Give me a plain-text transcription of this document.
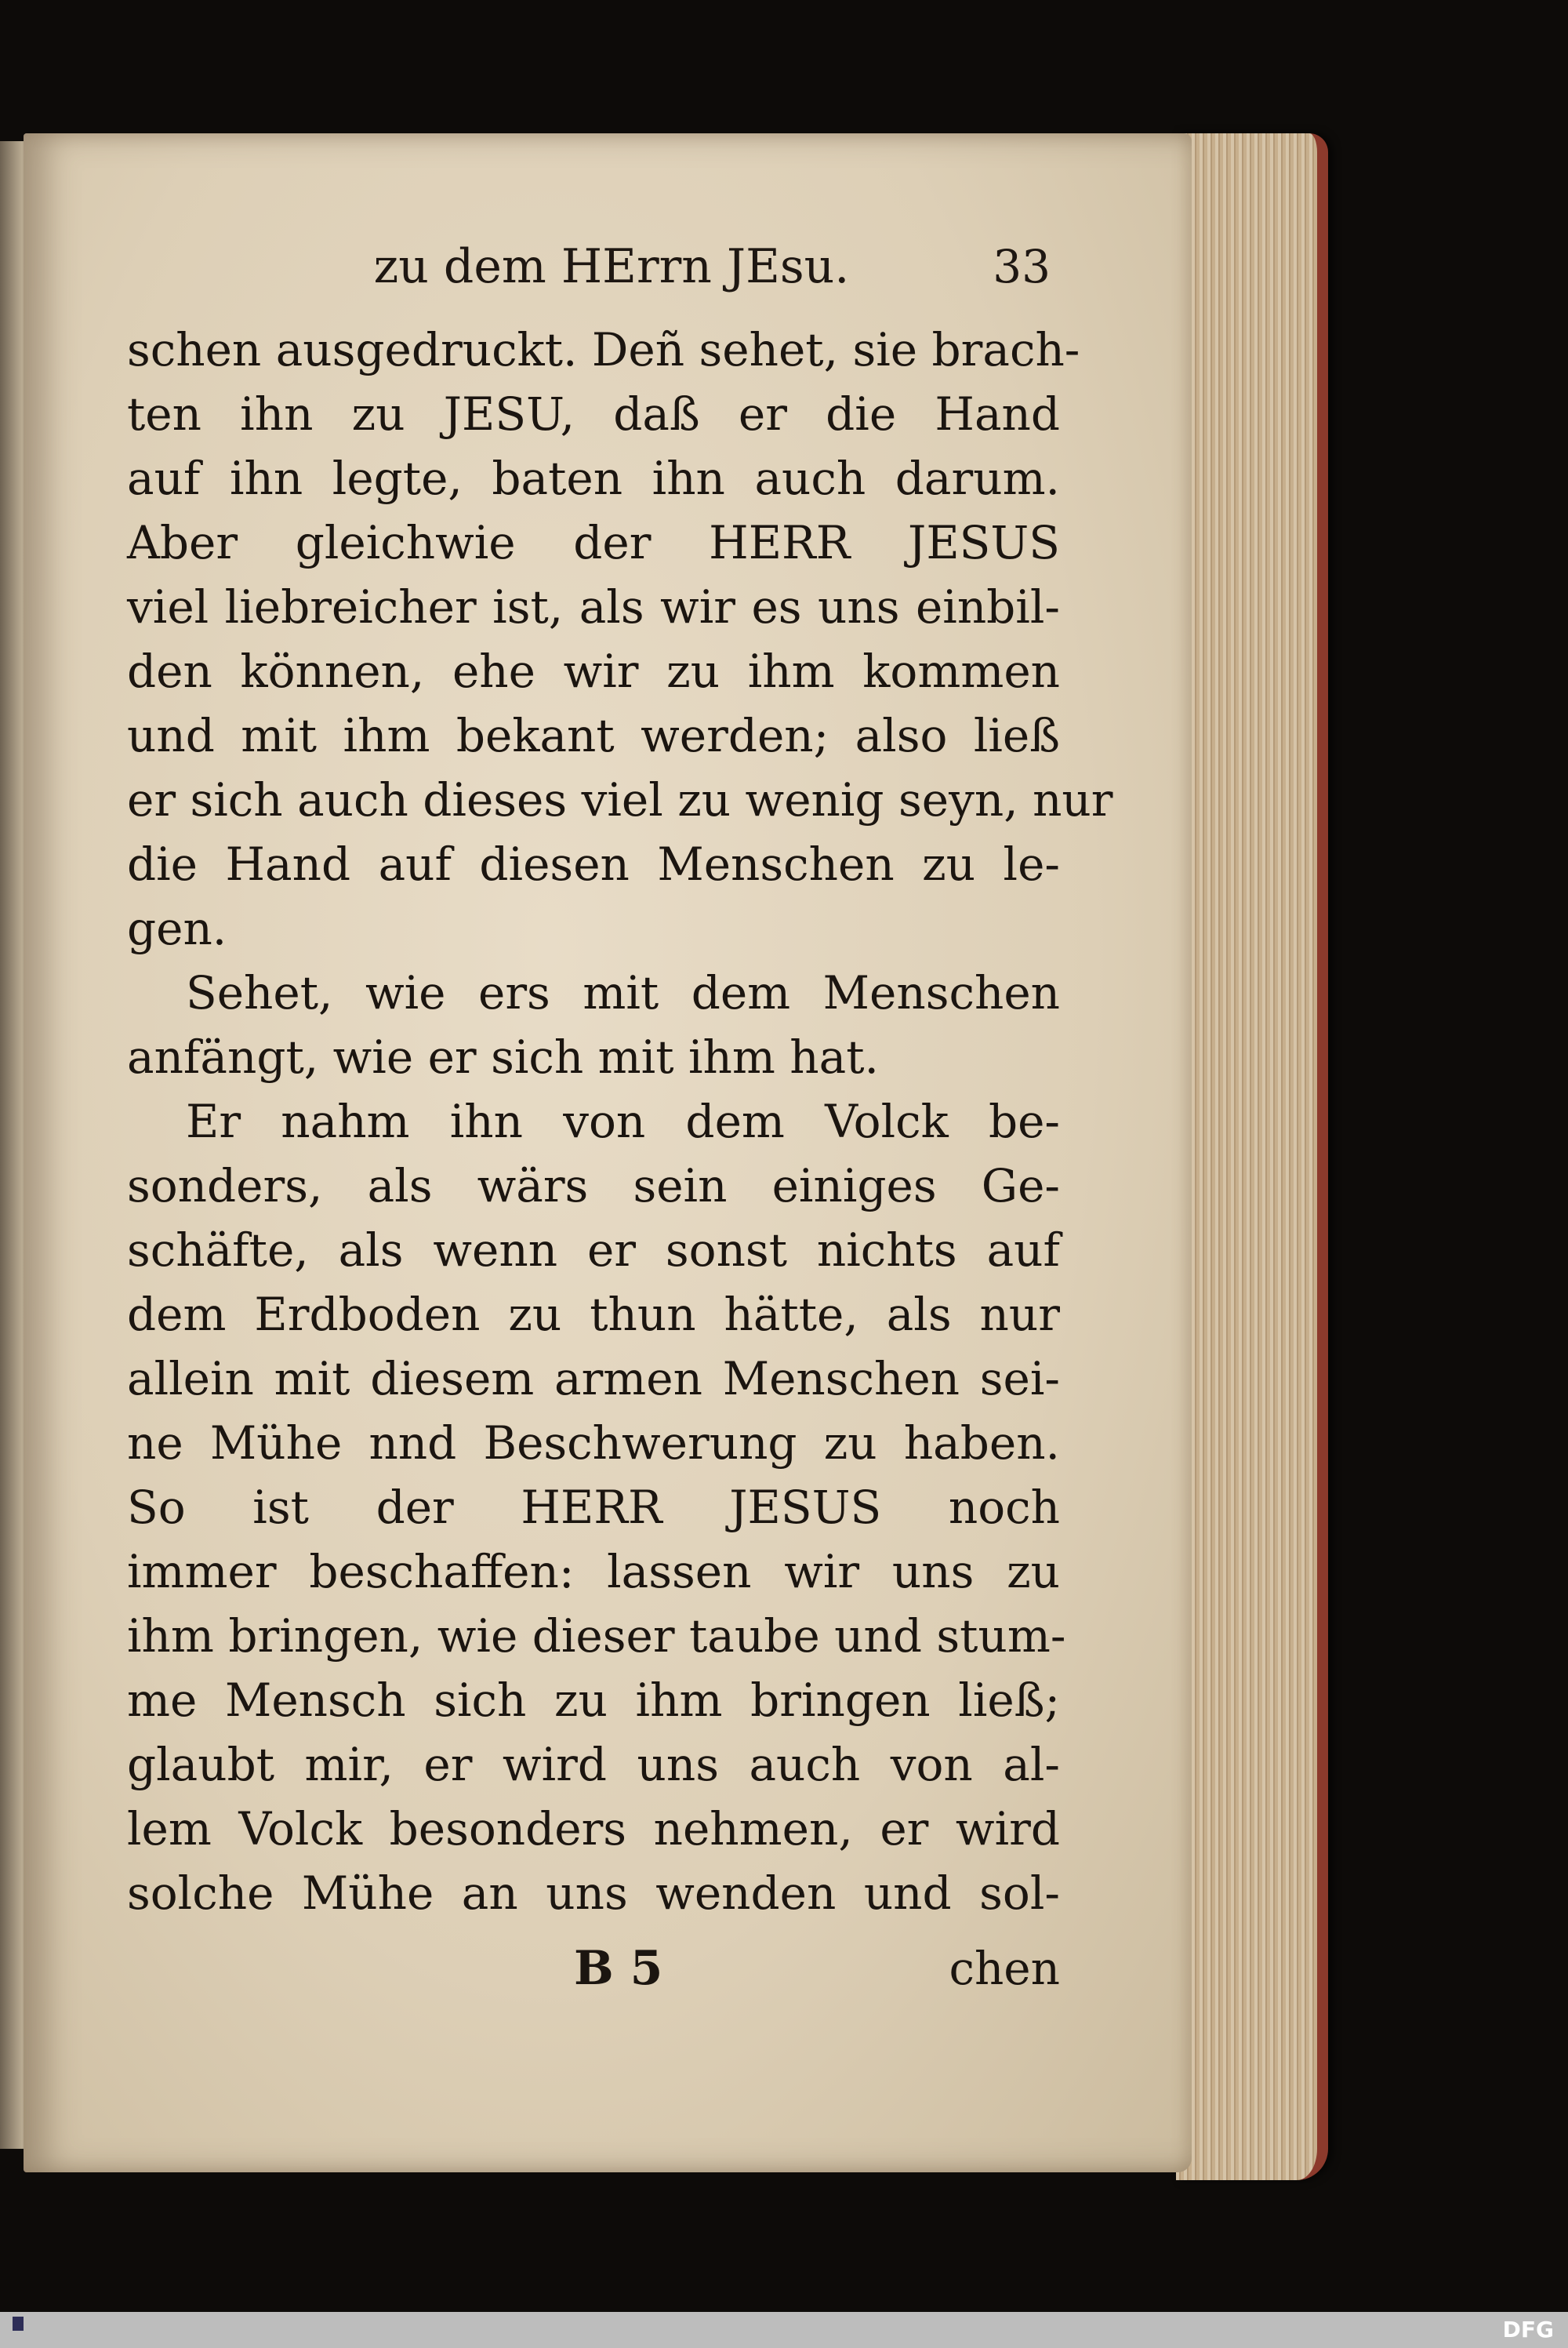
zu dem HErrn JEsu.	33
schen ausgedruckt. Deñ sehet, sie brach-
ten ihn zu JESU, daß er die Hand
auf ihn legte, baten ihn auch darum.
Aber gleichwie der HERR JESUS
viel liebreicher ist, als wir es uns einbil-
den können, ehe wir zu ihm kommen
und mit ihm bekant werden; also ließ
er sich auch dieses viel zu wenig seyn, nur
die Hand auf diesen Menschen zu le-
gen.
Sehet, wie ers mit dem Menschen
anfängt, wie er sich mit ihm hat.
Er nahm ihn von dem Volck be-
sonders, als wärs sein einiges Ge-
schäfte, als wenn er sonst nichts auf
dem Erdboden zu thun hätte, als nur
allein mit diesem armen Menschen sei-
ne Mühe nnd Beschwerung zu haben.
So ist der HERR JESUS noch
immer beschaffen: lassen wir uns zu
ihm bringen, wie dieser taube und stum-
me Mensch sich zu ihm bringen ließ;
glaubt mir, er wird uns auch von al-
lem Volck besonders nehmen, er wird
solche Mühe an uns wenden und sol-
B 5	chen
DFG
